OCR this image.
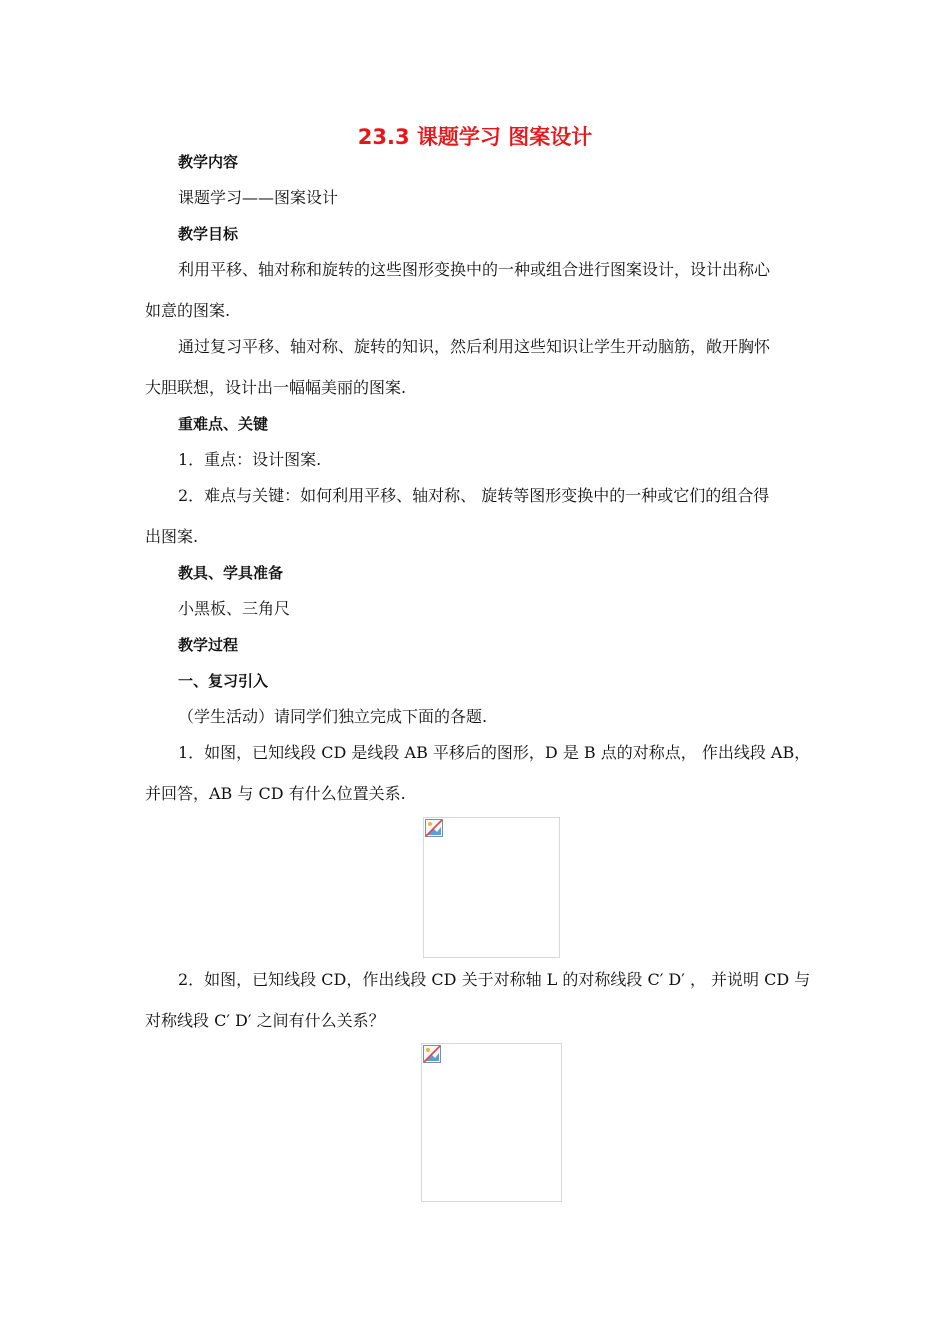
23.3 课题学习 图案设计
教学内容
课题学习——图案设计
教学目标
利用平移、轴对称和旋转的这些图形变换中的一种或组合进行图案设计，设计出称心
如意的图案.
通过复习平移、轴对称、旋转的知识，然后利用这些知识让学生开动脑筋，敞开胸怀
大胆联想，设计出一幅幅美丽的图案.
重难点、关键
1．重点：设计图案.
2．难点与关键：如何利用平移、轴对称、 旋转等图形变换中的一种或它们的组合得
出图案.
教具、学具准备
小黑板、三角尺
教学过程
一、复习引入
（学生活动）请同学们独立完成下面的各题.
1．如图，已知线段 CD 是线段 AB 平移后的图形，D 是 B 点的对称点， 作出线段 AB，
并回答，AB 与 CD 有什么位置关系.
2．如图，已知线段 CD，作出线段 CD 关于对称轴 L 的对称线段 C′ D′ ， 并说明 CD 与
对称线段 C′ D′ 之间有什么关系？
